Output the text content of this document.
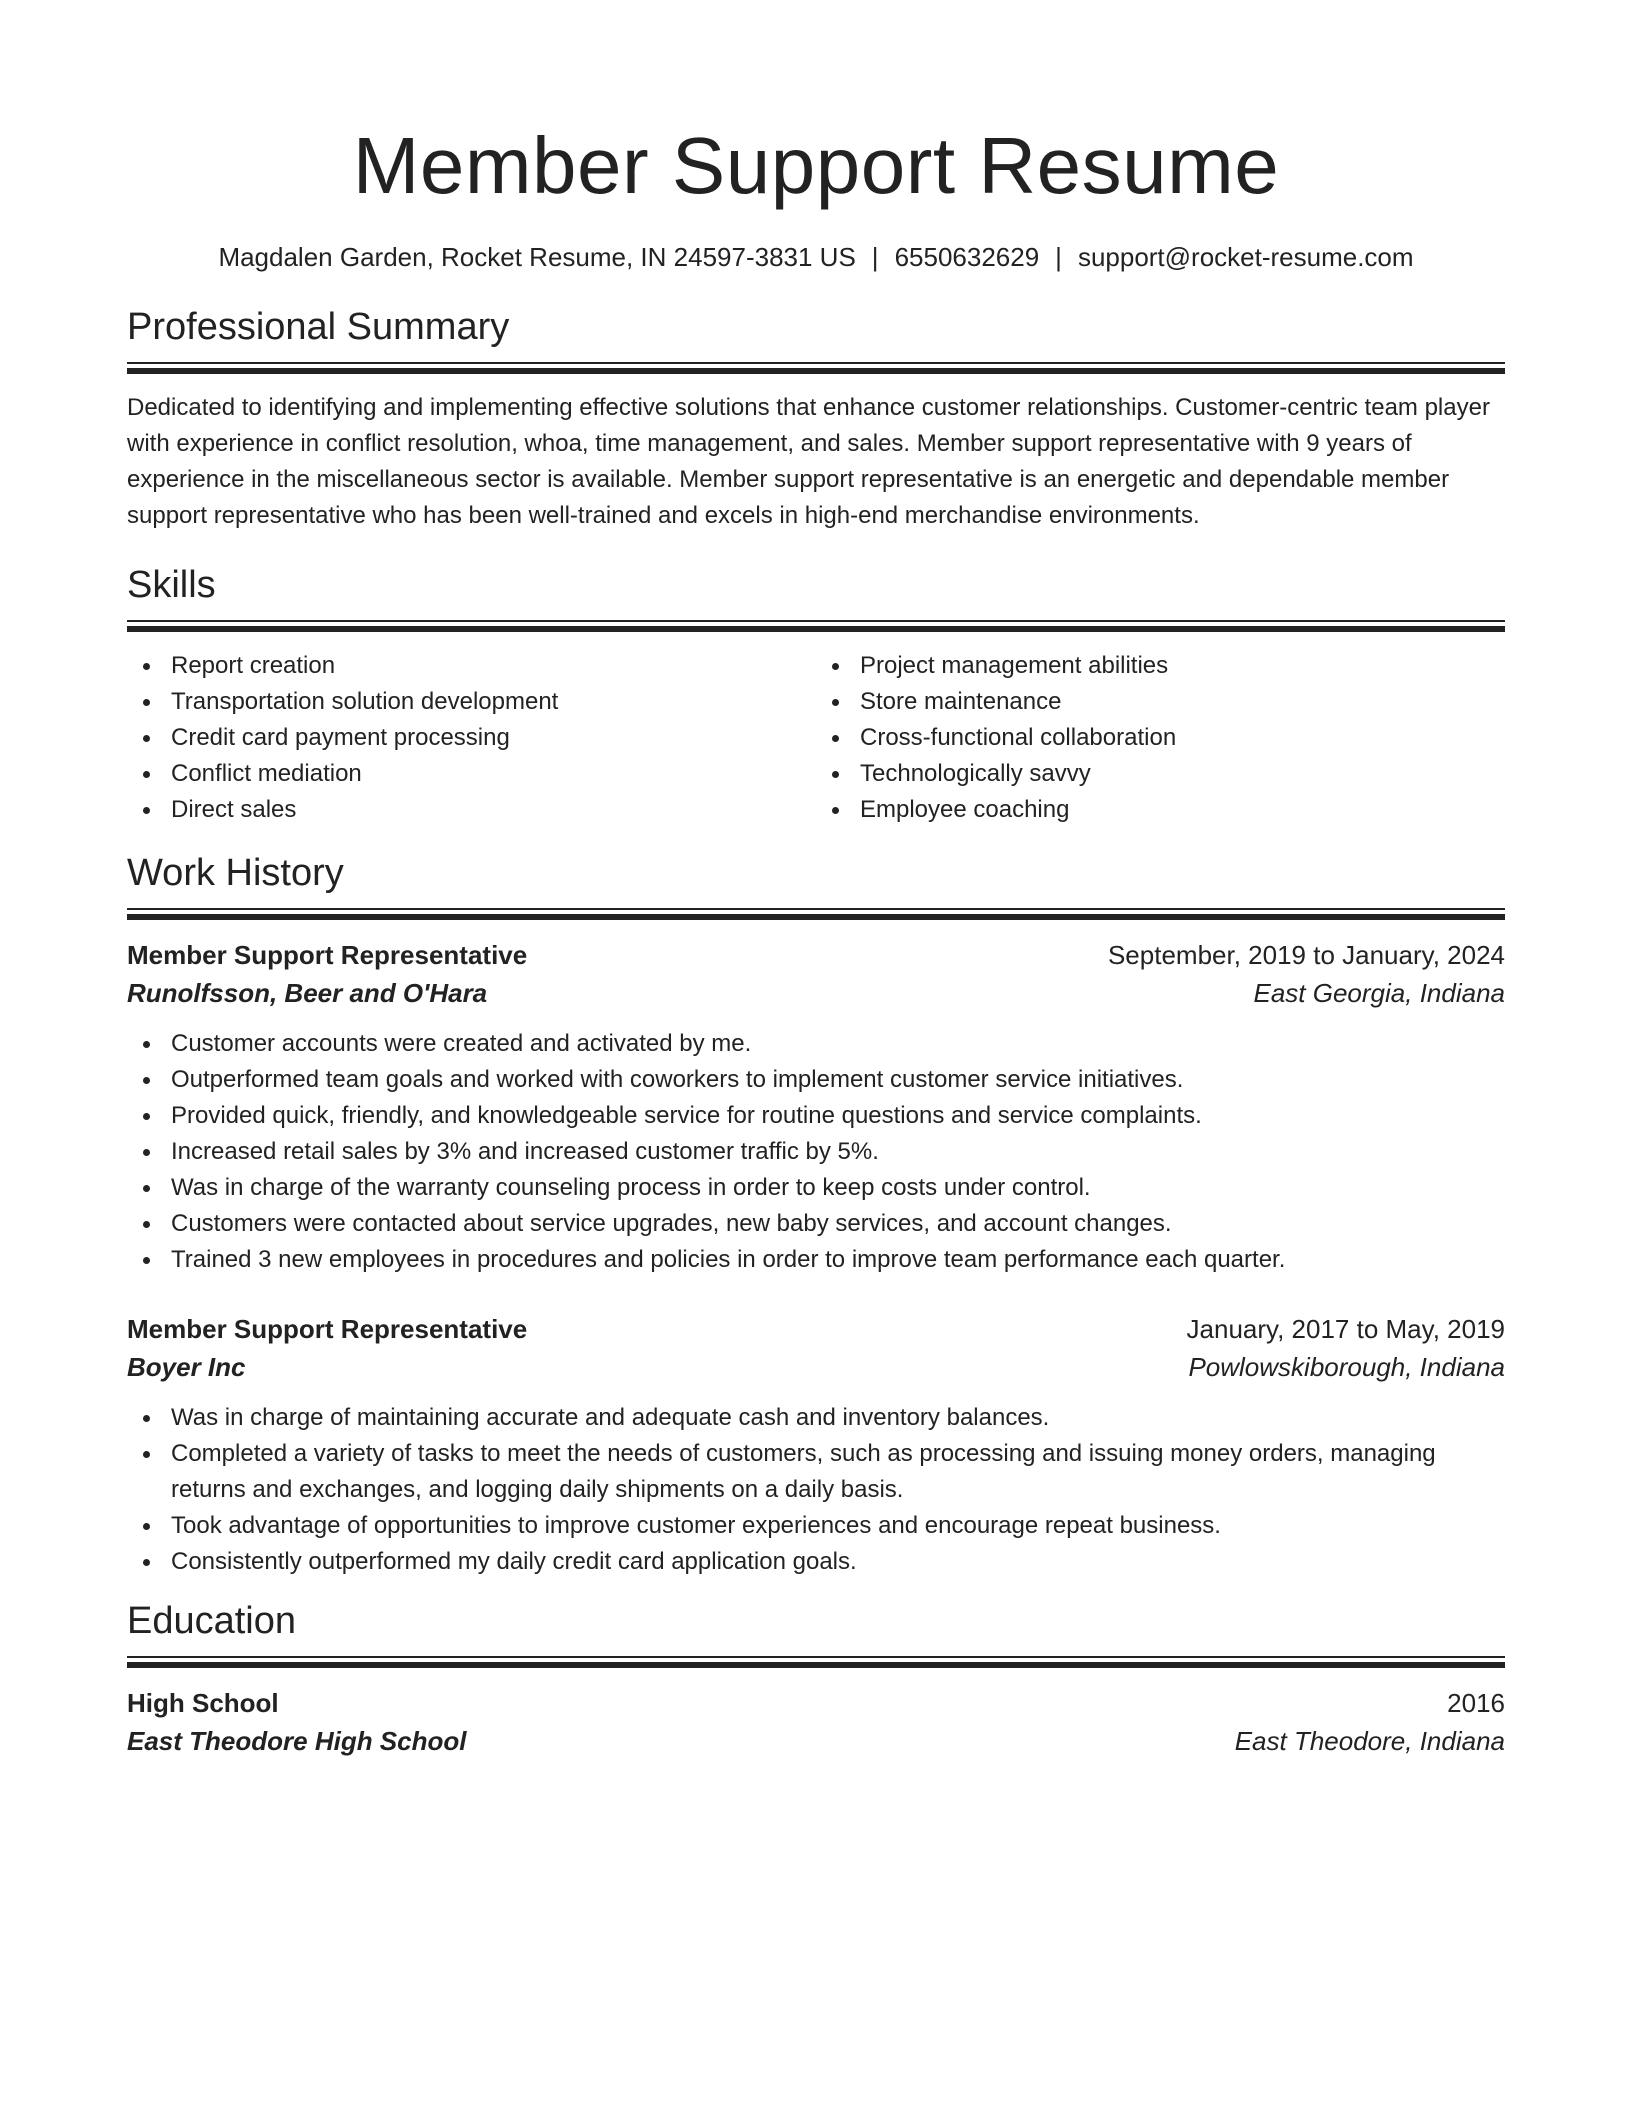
Member Support Resume
Magdalen Garden, Rocket Resume, IN 24597-3831 US | 6550632629 | support@rocket-resume.com
Professional Summary

Dedicated to identifying and implementing effective solutions that enhance customer relationships. Customer-centric team player with experience in conflict resolution, whoa, time management, and sales. Member support representative with 9 years of experience in the miscellaneous sector is available. Member support representative is an energetic and dependable member support representative who has been well-trained and excels in high-end merchandise environments.

Skills
Report creation
Transportation solution development
Credit card payment processing
Conflict mediation
Direct sales
Project management abilities
Store maintenance
Cross-functional collaboration
Technologically savvy
Employee coaching
Work History
Member Support Representative	September, 2019 to January, 2024
Runolfsson, Beer and O'Hara	East Georgia, Indiana
Customer accounts were created and activated by me.
Outperformed team goals and worked with coworkers to implement customer service initiatives.
Provided quick, friendly, and knowledgeable service for routine questions and service complaints.
Increased retail sales by 3% and increased customer traffic by 5%.
Was in charge of the warranty counseling process in order to keep costs under control.
Customers were contacted about service upgrades, new baby services, and account changes.
Trained 3 new employees in procedures and policies in order to improve team performance each quarter.
Member Support Representative	January, 2017 to May, 2019
Boyer Inc	Powlowskiborough, Indiana
Was in charge of maintaining accurate and adequate cash and inventory balances.
Completed a variety of tasks to meet the needs of customers, such as processing and issuing money orders, managing returns and exchanges, and logging daily shipments on a daily basis.
Took advantage of opportunities to improve customer experiences and encourage repeat business.
Consistently outperformed my daily credit card application goals.
Education
High School	2016
East Theodore High School	East Theodore, Indiana
